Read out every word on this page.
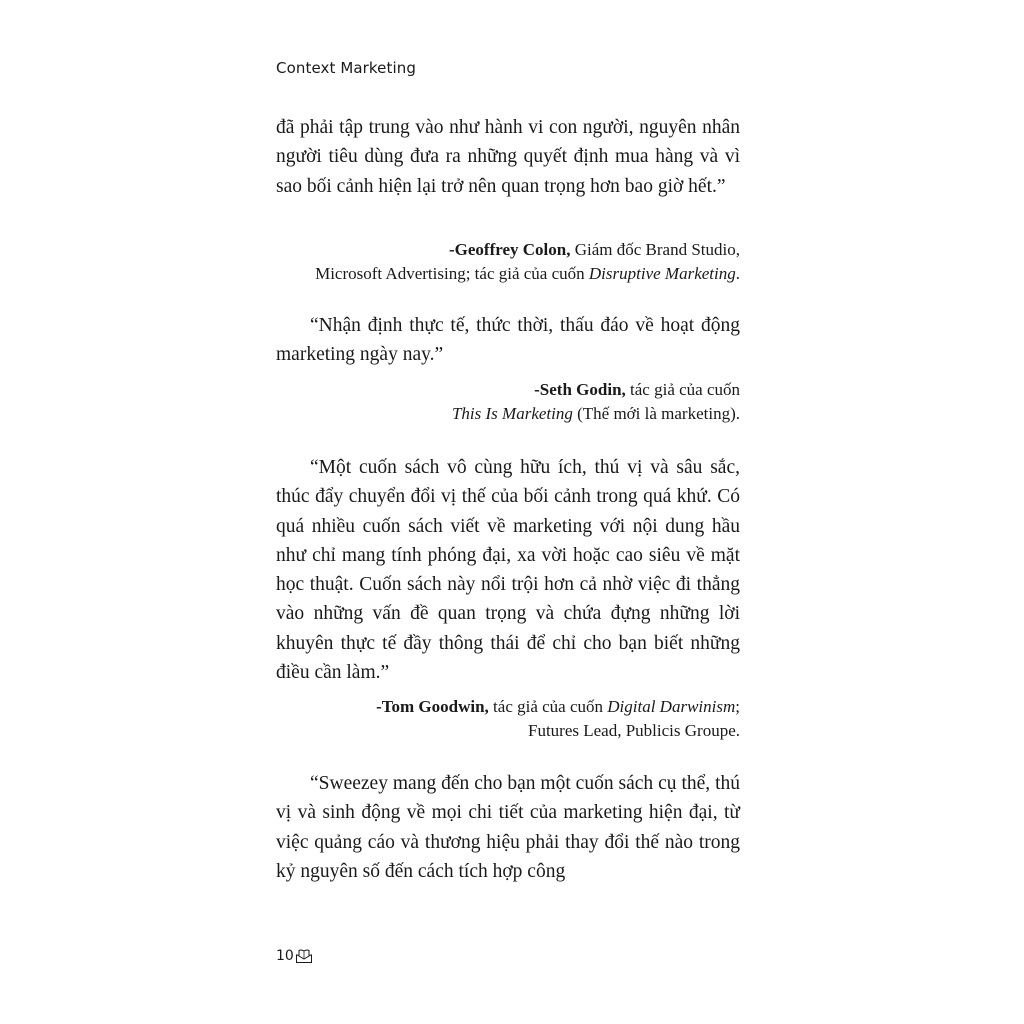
Context Marketing

đã phải tập trung vào như hành vi con người, nguyên nhân người tiêu dùng đưa ra những quyết định mua hàng và vì sao bối cảnh hiện lại trở nên quan trọng hơn bao giờ hết.”

-Geoffrey Colon, Giám đốc Brand Studio,
Microsoft Advertising; tác giả của cuốn Disruptive Marketing.

“Nhận định thực tế, thức thời, thấu đáo về hoạt động marketing ngày nay.”

-Seth Godin, tác giả của cuốn
This Is Marketing (Thế mới là marketing).

“Một cuốn sách vô cùng hữu ích, thú vị và sâu sắc, thúc đẩy chuyển đổi vị thế của bối cảnh trong quá khứ. Có quá nhiều cuốn sách viết về marketing với nội dung hầu như chỉ mang tính phóng đại, xa vời hoặc cao siêu về mặt học thuật. Cuốn sách này nổi trội hơn cả nhờ việc đi thẳng vào những vấn đề quan trọng và chứa đựng những lời khuyên thực tế đầy thông thái để chỉ cho bạn biết những điều cần làm.”

-Tom Goodwin, tác giả của cuốn Digital Darwinism;
Futures Lead, Publicis Groupe.

“Sweezey mang đến cho bạn một cuốn sách cụ thể, thú vị và sinh động về mọi chi tiết của marketing hiện đại, từ việc quảng cáo và thương hiệu phải thay đổi thế nào trong kỷ nguyên số đến cách tích hợp công

10
